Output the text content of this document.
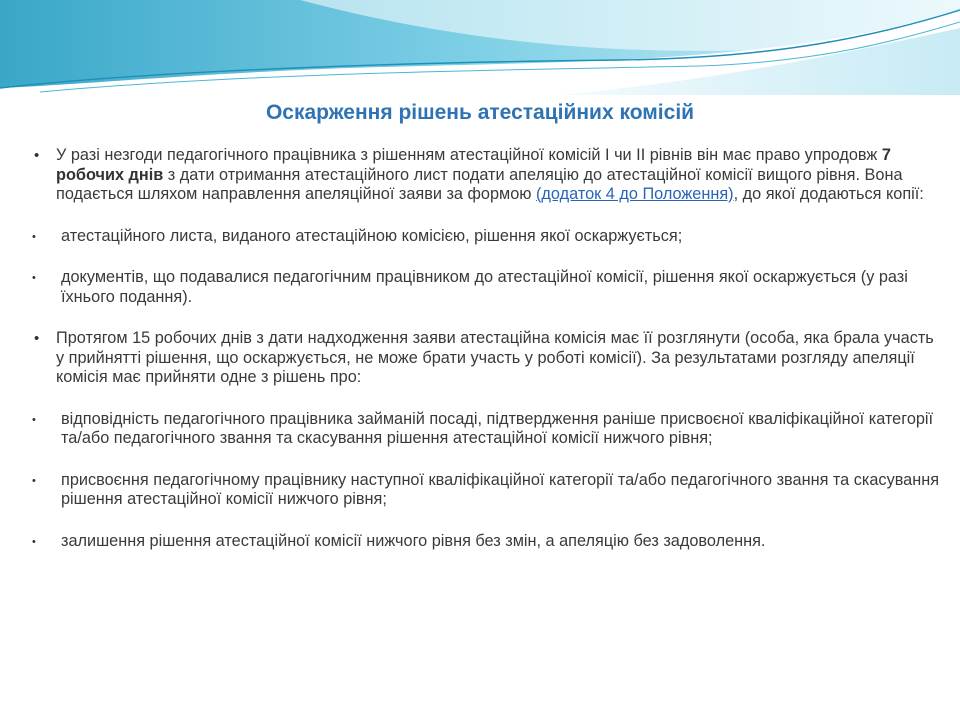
Оскарження рішень атестаційних комісій
• У разі незгоди педагогічного працівника з рішенням атестаційної комісій I чи II рівнів він має право упродовж 7 робочих днів з дати отримання атестаційного лист подати апеляцію до атестаційної комісії вищого рівня. Вона подається шляхом направлення апеляційної заяви за формою (додаток 4 до Положення), до якої додаються копії:
• атестаційного листа, виданого атестаційною комісією, рішення якої оскаржується;
• документів, що подавалися педагогічним працівником до атестаційної комісії, рішення якої оскаржується (у разі їхнього подання).
• Протягом 15 робочих днів з дати надходження заяви атестаційна комісія має її розглянути (особа, яка брала участь у прийнятті рішення, що оскаржується, не може брати участь у роботі комісії). За результатами розгляду апеляції комісія має прийняти одне з рішень про:
• відповідність педагогічного працівника займаній посаді, підтвердження раніше присвоєної кваліфікаційної категорії та/або педагогічного звання та скасування рішення атестаційної комісії нижчого рівня;
• присвоєння педагогічному працівнику наступної кваліфікаційної категорії та/або педагогічного звання та скасування рішення атестаційної комісії нижчого рівня;
• залишення рішення атестаційної комісії нижчого рівня без змін, а апеляцію без задоволення.
